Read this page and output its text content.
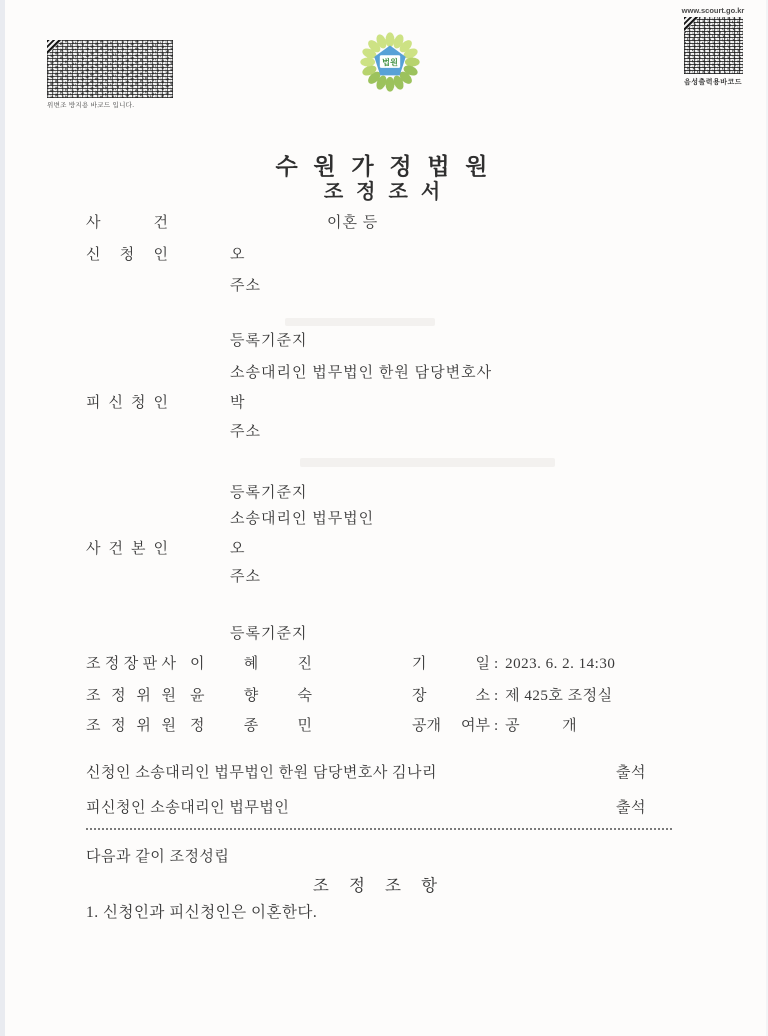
위변조 방지용 바코드 입니다.
법원
www.scourt.go.kr
음성출력용바코드
수 원 가 정 법 원
조 정 조 서
사 건	이혼 등
신 청 인	오
주소
등록기준지
소송대리인 법무법인 한원 담당변호사
피 신 청 인	박
주소
등록기준지
소송대리인 법무법인
사 건 본 인	오
주소
등록기준지
조 정 장 판 사 이 혜 진	기 일 : 2023. 6. 2. 14:30
조 정 위 원 윤 향 숙	장 소 : 제 425호 조정실
조 정 위 원 정 종 민	공개 여부 : 공 개
신청인 소송대리인 법무법인 한원 담당변호사 김나리	출석
피신청인 소송대리인 법무법인	출석
다음과 같이 조정성립
조 정 조 항
1. 신청인과 피신청인은 이혼한다.
